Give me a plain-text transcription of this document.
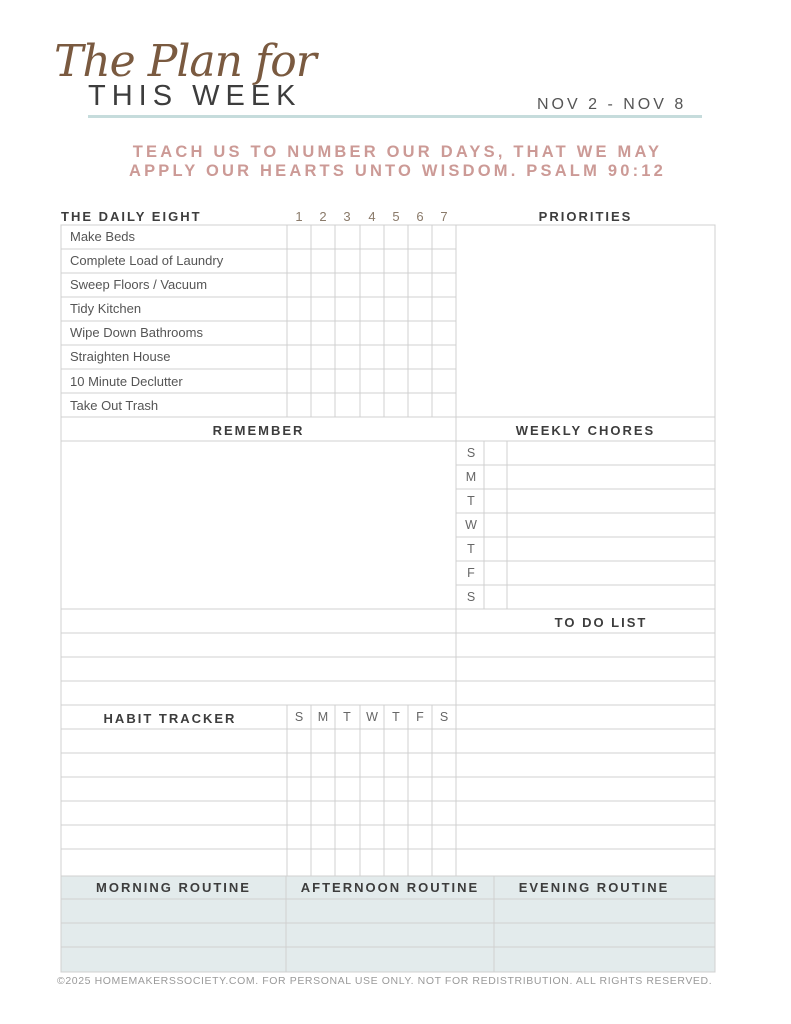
The Plan for
THIS WEEK	NOV 2 - NOV 8
TEACH US TO NUMBER OUR DAYS, THAT WE MAY
APPLY OUR HEARTS UNTO WISDOM. PSALM 90:12
THE DAILY EIGHT	1	2	3	4	5	6	7
Make Beds
Complete Load of Laundry
Sweep Floors / Vacuum
Tidy Kitchen
Wipe Down Bathrooms
Straighten House
10 Minute Declutter
Take Out Trash
PRIORITIES
REMEMBER	WEEKLY CHORES
S
M
T
W
T
F
S
TO DO LIST
HABIT TRACKER	S	M	T	W	T	F	S
MORNING ROUTINE	AFTERNOON ROUTINE	EVENING ROUTINE
©2025 HOMEMAKERSSOCIETY.COM. FOR PERSONAL USE ONLY. NOT FOR REDISTRIBUTION. ALL RIGHTS RESERVED.
